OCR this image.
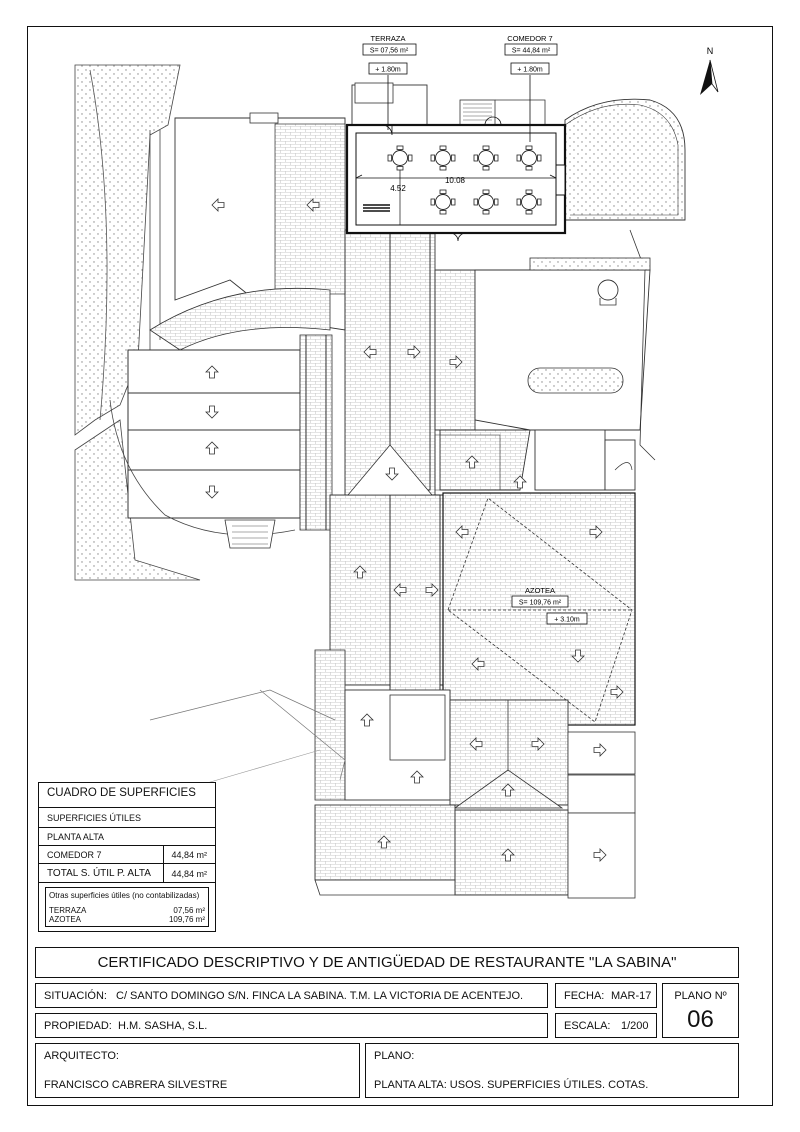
10.08
4.52
N
TERRAZA
S= 07,56 m²
+ 1.80m
COMEDOR 7
S= 44,84 m²
+ 1.80m
AZOTEA
S= 109,76 m²
+ 3.10m
CUADRO DE SUPERFICIES
SUPERFICIES ÚTILES
PLANTA ALTA
COMEDOR 7	44,84 m²
TOTAL S. ÚTIL P. ALTA 44,84 m²
Otras superficies útiles (no contabilizadas)
TERRAZA	07,56 m²
AZOTEA	109,76 m²
CERTIFICADO DESCRIPTIVO Y DE ANTIGÜEDAD DE RESTAURANTE "LA SABINA"
SITUACIÓN: C/ SANTO DOMINGO S/N. FINCA LA SABINA. T.M. LA VICTORIA DE ACENTEJO.	FECHA: MAR-17	PLANO Nº
06
PROPIEDAD: H.M. SASHA, S.L.	ESCALA: 1/200
ARQUITECTO:
FRANCISCO CABRERA SILVESTRE
PLANO:
PLANTA ALTA: USOS. SUPERFICIES ÚTILES. COTAS.
